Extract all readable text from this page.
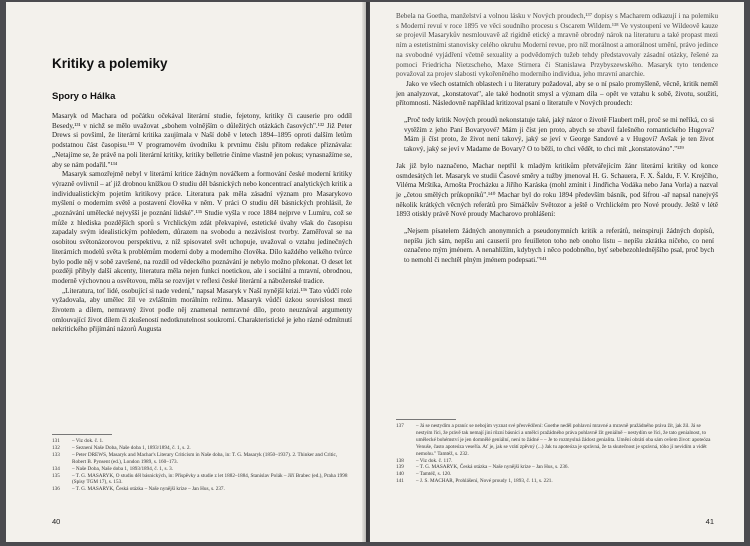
Kritiky a polemiky
Spory o Hálka

Masaryk od Machara od počátku očekával literární studie, fejetony, kritiky či causerie pro oddíl Besedy,¹³¹ v nichž se mělo uvažovat „sbohem volnějším o důležitých otázkách časových".¹³² Již Peter Drews si povšiml, že literární kritika zaujímala v Naší době v letech 1894–1895 oproti dalším letům podstatnou část časopisu.¹³³ V programovém úvodníku k prvnímu číslu přitom redakce přiznávala: „Netajíme se, že právě na poli literární kritiky, kritiky belletrie činíme vlastně jen pokus; vynasnažíme se, aby se nám podařil."¹³⁴

Masaryk samozřejmě nebyl v literární kritice žádným nováčkem a formování české moderní kritiky výrazně ovlivnil – ať již drobnou knížkou O studiu děl básnických nebo koncentrací analytických kritik a individualistickým pojetím kritikovy práce. Literatura pak měla zásadní význam pro Masarykovo myšlení o moderním světě a postavení člověka v něm. V práci O studiu děl básnických prohlásil, že „poznávání umělecké nejvyšší je poznání lidské".¹³⁵ Studie vyšla v roce 1884 nejprve v Lumíru, což se může z hlediska pozdějších sporů s Vrchlickým zdát překvapivé, estetické úvahy však do časopisu zapadaly svým idealistickým pohledem, důrazem na svobodu a nezávislost tvorby. Zaměřoval se na osobitou světonázorovou perspektivu, z níž spisovatel svět uchopuje, uvažoval o vztahu jedinečných literárních modelů světa k problémům moderní doby a moderního člověka. Dílo každého velkého tvůrce bylo podle něj v sobě završené, na rozdíl od vědeckého poznávání je nebylo možno překonat. O deset let později přibyly další akcenty, literatura měla nejen funkci noetickou, ale i sociální a mravní, obrodnou, moderně výchovnou a osvětovou, měla se rozvíjet v reflexi české literární a náboženské tradice.

„Literatura, toť lidé, osobující si nade vedení," napsal Masaryk v Naší nynější krizi.¹³⁶ Tato vůdčí role vyžadovala, aby umělec žil ve zvláštním morálním režimu. Masaryk vůdčí úzkou souvislost mezi životem a dílem, nemravný život podle něj znamenal nemravné dílo, proto neuznával argumenty omlouvající život dílem či zkušeností nedotknutelnost soukromí. Charakteristické je jeho rázné odmítnutí nekritického přijímání názorů Augusta

131	– Viz dok. č. 1.
132	– Seznení Naše Doba, Naše doba 1, 1893/1894, č. 1, s. 2.
133	– Peter DREWS, Masaryk and Machar's Literary Criticism in Naše doba, in: T. G. Masaryk (1850–1937). 2. Thinker and Critic, Robert B. Pynsent (ed.), London 1989, s. 160–173.
134	– Naše Doba, Naše doba 1, 1893/1894, č. 1, s. 3.
135	– T. G. MASARYK, O studiu děl básnických, in: Příspěvky a studie z let 1882–1884, Stanislav Polák – Jiří Brabec (ed.), Praha 1998 (Spisy TGM 17), s. 153.
136	– T. G. MASARYK, Česká otázka – Naše nynější krize – Jan Hus, s. 237.
40

Bebela na Goetha, manželství a volnou lásku v Nových proudech,¹³⁷ dopisy s Macharem odkazují i na polemiku s Moderní revuí v roce 1895 ve věci soudního procesu s Oscarem Wildem.¹³⁸ Ve vystoupení ve Wildeově kauze se projevil Masarykův nesmlouvavě až rigidně etický a mravně obrodný nárok na literaturu a také propast mezi ním a estetistními stanovisky celého okruhu Moderní revue, pro níž morálnost a amorálnost umění, právo jedince na svobodné vyjádření včetně sexuality a podvědomých tužeb tehdy představovaly zásadní otázky, řešené za pomoci Friedricha Nietzscheho, Maxe Stirnera či Stanislawa Przybyszewského. Masaryk tyto tendence považoval za projev slabosti vykořeněného moderního individua, jeho mravní anarchie.

Jako ve všech ostatních oblastech i u literatury požadoval, aby se o ní psalo promyšleně, věcně, kritik neměl jen analyzovat, „konstatovat", ale také hodnotit smysl a význam díla – opět ve vztahu k sobě, životu, soužití, přítomnosti. Následovně například kritizoval psaní o literatuře v Nových proudech:

„Proč tedy kritik Nových proudů nekonstatuje také, jaký názor o životě Flaubert měl, proč se mi neříká, co si vytěžím z jeho Paní Bovaryové? Mám ji číst jen proto, abych se zbavil falešného romantického Hugova? Mám ji číst proto, že život není takový, jaký se jeví v George Sandové a v Hugovi? Avšak je ten život takový, jaký se jeví v Madame de Bovary? O to běží, to chci vědět, to chci mít „konstatováno"."¹³⁹

Jak již bylo naznačeno, Machar neptřil k mladým kritikům přetvářejícím žánr literární kritiky od konce osmdesátých let. Masaryk ve studii Časové směry a tužby jmenoval H. G. Schauera, F. X. Šaldu, F. V. Krejčího, Viléma Mrštíka, Arnošta Procházku a Jiřího Karáska (mohl zmínit i Jindřicha Vodáka nebo Jana Vorla) a nazval je „četou smělých průkopníků".¹⁴⁰ Machar byl do roku 1894 především básník, pod šifrou -ař napsal nanejvýš několik krátkých věcných referátů pro Simáčkův Světozor a ještě o Vrchlickém pro Nové proudy. Ještě v létě 1893 otiskly právě Nové proudy Macharovo prohlášení:

„Nejsem písatelem žádných anonymních a pseudonymních kritik a referátů, neinspiruji žádných dopisů, nepíšu jich sám, nepíšu ani causerií pro feuilleton toho neb onoho listu – nepíšu zkrátka ničeho, co není označeno mým jménem. A nenahlížím, kdybych i něco podobného, byť sebebezohlednějšího psal, proč bych to nemohl či nechtěl plným jménem podepsati."¹⁴¹
137	– Já se nestydím a praníc se nebojím vyznat své přesvědčení: Goethe neděl pohlavní mravné a mravně pražádného práva žít, jak žil. Já se nestyím říci, že právě tak nemají jiní různí básníci a umělci pražádného práva pohlavně žít geniálně – nestydím se říci, že tato genialnost, to umělecké bohémství je jen domnělé geniální, není to žádné – – Je to rozmyslná žádost genialita. Umění obrátí oba sám ovšem život: apoteóza Venuše, často apoteóza veseřía. Ať je, jak se vrátí zpěvný (...) Jak tu apoteóza je správná, že ta skutečnost je správná, tóho jí nevidím a vidět nemohu." Tamtéž, s. 232.
138	– Viz dok. č. 117.
139	– T. G. MASARYK, Česká otázka – Naše nynější krize – Jan Hus, s. 236.
140	– Tamtéž, s. 120.
141	– J. S. MACHAR, Prohlášení, Nové proudy 1, 1893, č. 11, s. 221.
41
